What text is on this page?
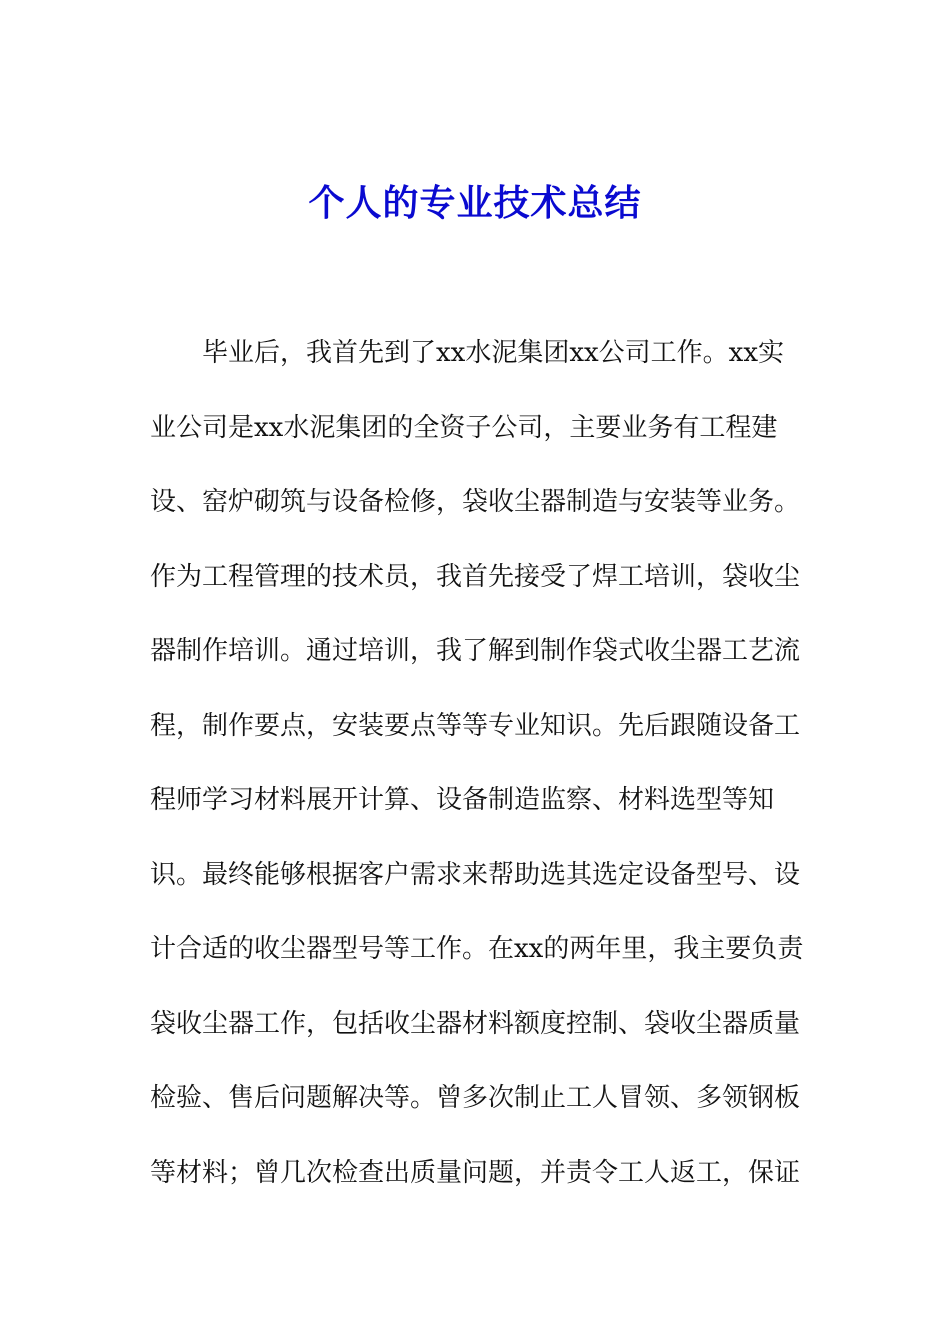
个人的专业技术总结
毕业后，我首先到了xx水泥集团xx公司工作。xx实
业公司是xx水泥集团的全资子公司，主要业务有工程建
设、窑炉砌筑与设备检修，袋收尘器制造与安装等业务。
作为工程管理的技术员，我首先接受了焊工培训，袋收尘
器制作培训。通过培训，我了解到制作袋式收尘器工艺流
程，制作要点，安装要点等等专业知识。先后跟随设备工
程师学习材料展开计算、设备制造监察、材料选型等知
识。最终能够根据客户需求来帮助选其选定设备型号、设
计合适的收尘器型号等工作。在xx的两年里，我主要负责
袋收尘器工作，包括收尘器材料额度控制、袋收尘器质量
检验、售后问题解决等。曾多次制止工人冒领、多领钢板
等材料；曾几次检查出质量问题，并责令工人返工，保证
